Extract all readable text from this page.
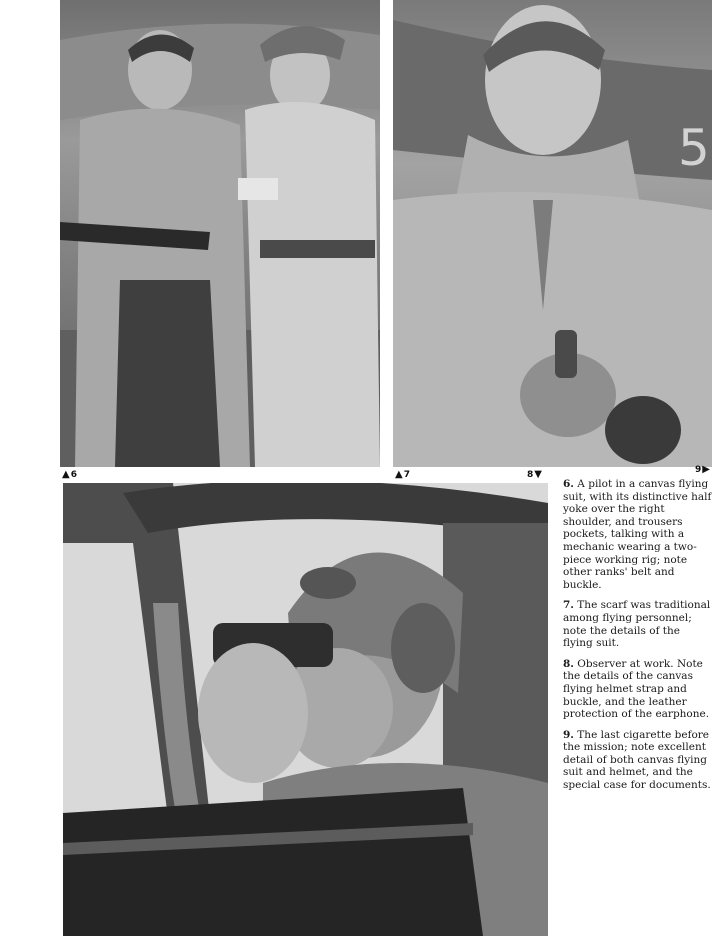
5
▲ 6	▲ 7	8 ▼	9 ▶

6. A pilot in a canvas flying suit, with its distinctive half yoke over the right shoulder, and trousers pockets, talking with a mechanic wearing a two-piece working rig; note other ranks' belt and buckle.

7. The scarf was traditional among flying personnel; note the details of the flying suit.

8. Observer at work. Note the details of the canvas flying helmet strap and buckle, and the leather protection of the earphone.

9. The last cigarette before the mission; note excellent detail of both canvas flying suit and helmet, and the special case for documents.
